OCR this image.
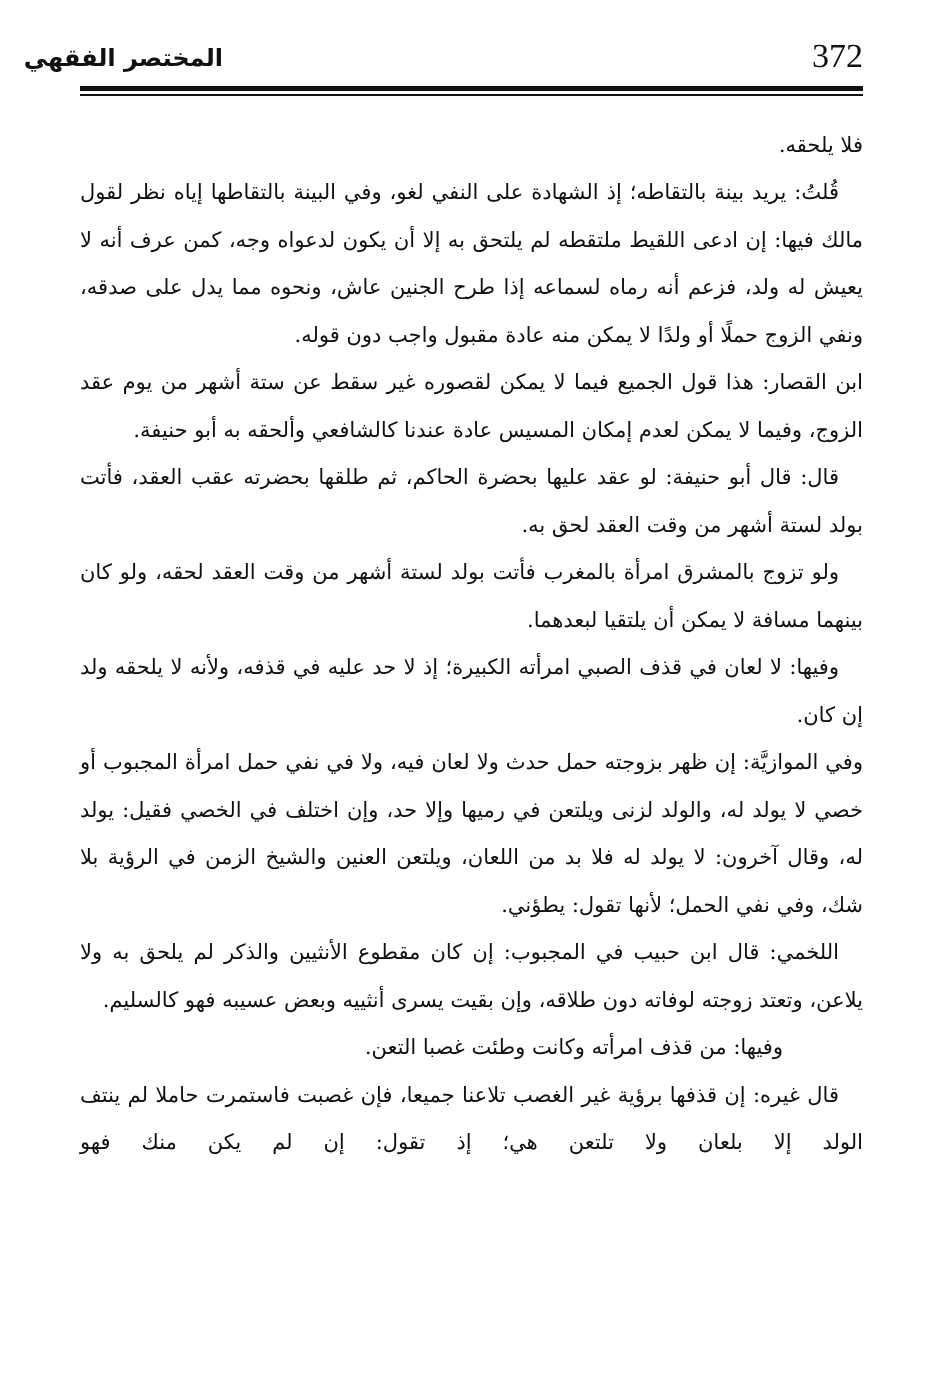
المختصر الفقهي	372

فلا يلحقه.

قُلتُ: يريد بينة بالتقاطه؛ إذ الشهادة على النفي لغو، وفي البينة بالتقاطها إياه نظر لقول مالك فيها: إن ادعى اللقيط ملتقطه لم يلتحق به إلا أن يكون لدعواه وجه، كمن عرف أنه لا يعيش له ولد، فزعم أنه رماه لسماعه إذا طرح الجنين عاش، ونحوه مما يدل على صدقه، ونفي الزوج حملًا أو ولدًا لا يمكن منه عادة مقبول واجب دون قوله.

ابن القصار: هذا قول الجميع فيما لا يمكن لقصوره غير سقط عن ستة أشهر من يوم عقد الزوج، وفيما لا يمكن لعدم إمكان المسيس عادة عندنا كالشافعي وألحقه به أبو حنيفة.

قال: قال أبو حنيفة: لو عقد عليها بحضرة الحاكم، ثم طلقها بحضرته عقب العقد، فأتت بولد لستة أشهر من وقت العقد لحق به.

ولو تزوج بالمشرق امرأة بالمغرب فأتت بولد لستة أشهر من وقت العقد لحقه، ولو كان بينهما مسافة لا يمكن أن يلتقيا لبعدهما.

وفيها: لا لعان في قذف الصبي امرأته الكبيرة؛ إذ لا حد عليه في قذفه، ولأنه لا يلحقه ولد إن كان.

وفي الموازيَّة: إن ظهر بزوجته حمل حدث ولا لعان فيه، ولا في نفي حمل امرأة المجبوب أو خصي لا يولد له، والولد لزنى ويلتعن في رميها وإلا حد، وإن اختلف في الخصي فقيل: يولد له، وقال آخرون: لا يولد له فلا بد من اللعان، ويلتعن العنين والشيخ الزمن في الرؤية بلا شك، وفي نفي الحمل؛ لأنها تقول: يطؤني.

اللخمي: قال ابن حبيب في المجبوب: إن كان مقطوع الأنثيين والذكر لم يلحق به ولا يلاعن، وتعتد زوجته لوفاته دون طلاقه، وإن بقيت يسرى أنثييه وبعض عسيبه فهو كالسليم.

وفيها: من قذف امرأته وكانت وطئت غصبا التعن.

قال غيره: إن قذفها برؤية غير الغصب تلاعنا جميعا، فإن غصبت فاستمرت حاملا لم ينتف الولد إلا بلعان ولا تلتعن هي؛ إذ تقول: إن لم يكن منك فهو
